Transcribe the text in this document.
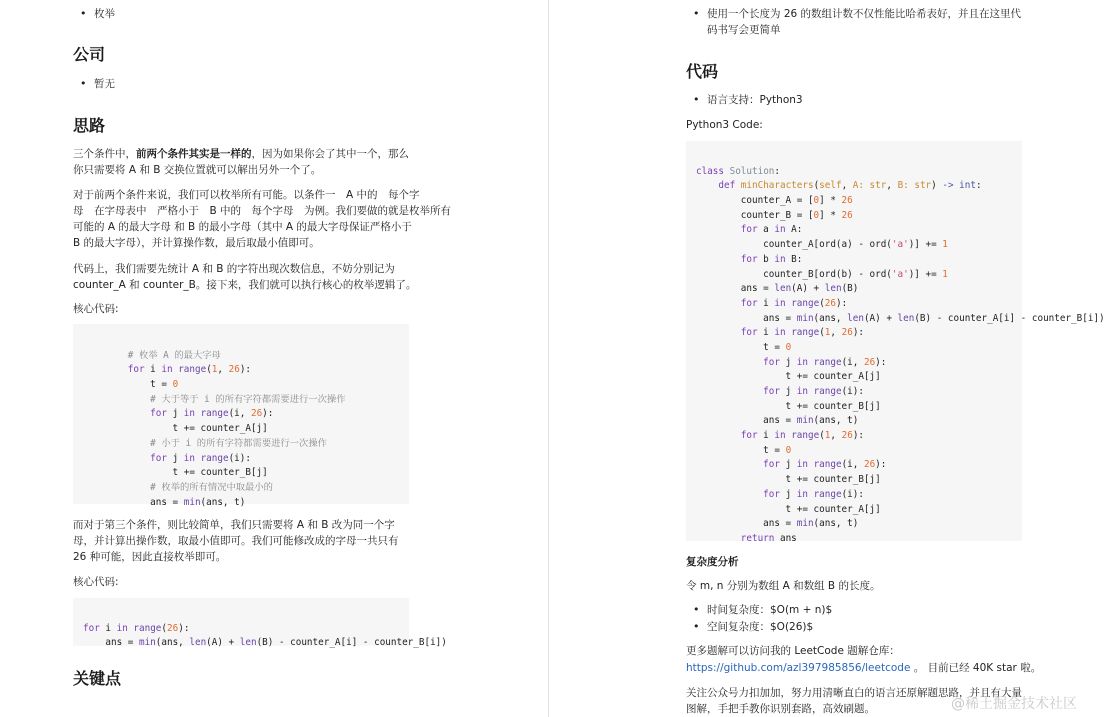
• 枚举
公司
• 暂无
思路
三个条件中，前两个条件其实是一样的，因为如果你会了其中一个，那么
你只需要将 A 和 B 交换位置就可以解出另外一个了。
对于前两个条件来说，我们可以枚举所有可能。以条件一　A 中的　每个字
母　在字母表中　严格小于　B 中的　每个字母　为例。我们要做的就是枚举所有
可能的 A 的最大字母 和 B 的最小字母（其中 A 的最大字母保证严格小于
B 的最大字母），并计算操作数，最后取最小值即可。
代码上，我们需要先统计 A 和 B 的字符出现次数信息，不妨分别记为
counter_A 和 counter_B。接下来，我们就可以执行核心的枚举逻辑了。
核心代码:

# 枚举 A 的最大字母
for i in range(1, 26):
t = 0
# 大于等于 i 的所有字符都需要进行一次操作
for j in range(i, 26):
t += counter_A[j]
# 小于 i 的所有字符都需要进行一次操作
for j in range(i):
t += counter_B[j]
# 枚举的所有情况中取最小的
ans = min(ans, t)

而对于第三个条件，则比较简单，我们只需要将 A 和 B 改为同一个字
母，并计算出操作数，取最小值即可。我们可能修改成的字母一共只有
26 种可能，因此直接枚举即可。
核心代码:

for i in range(26):
ans = min(ans, len(A) + len(B) - counter_A[i] - counter_B[i])

关键点
• 使用一个长度为 26 的数组计数不仅性能比哈希表好，并且在这里代
码书写会更简单
代码
• 语言支持：Python3
Python3 Code:

class Solution:
def minCharacters(self, A: str, B: str) -> int:
counter_A = [0] * 26
counter_B = [0] * 26
for a in A:
counter_A[ord(a) - ord('a')] += 1
for b in B:
counter_B[ord(b) - ord('a')] += 1
ans = len(A) + len(B)
for i in range(26):
ans = min(ans, len(A) + len(B) - counter_A[i] - counter_B[i])
for i in range(1, 26):
t = 0
for j in range(i, 26):
t += counter_A[j]
for j in range(i):
t += counter_B[j]
ans = min(ans, t)
for i in range(1, 26):
t = 0
for j in range(i, 26):
t += counter_B[j]
for j in range(i):
t += counter_A[j]
ans = min(ans, t)
return ans

复杂度分析
令 m, n 分别为数组 A 和数组 B 的长度。
• 时间复杂度：$O(m + n)$
• 空间复杂度：$O(26)$
更多题解可以访问我的 LeetCode 题解仓库：
https://github.com/azl397985856/leetcode 。 目前已经 40K star 啦。
关注公众号力扣加加，努力用清晰直白的语言还原解题思路，并且有大量
图解，手把手教你识别套路，高效刷题。	@稀土掘金技术社区
